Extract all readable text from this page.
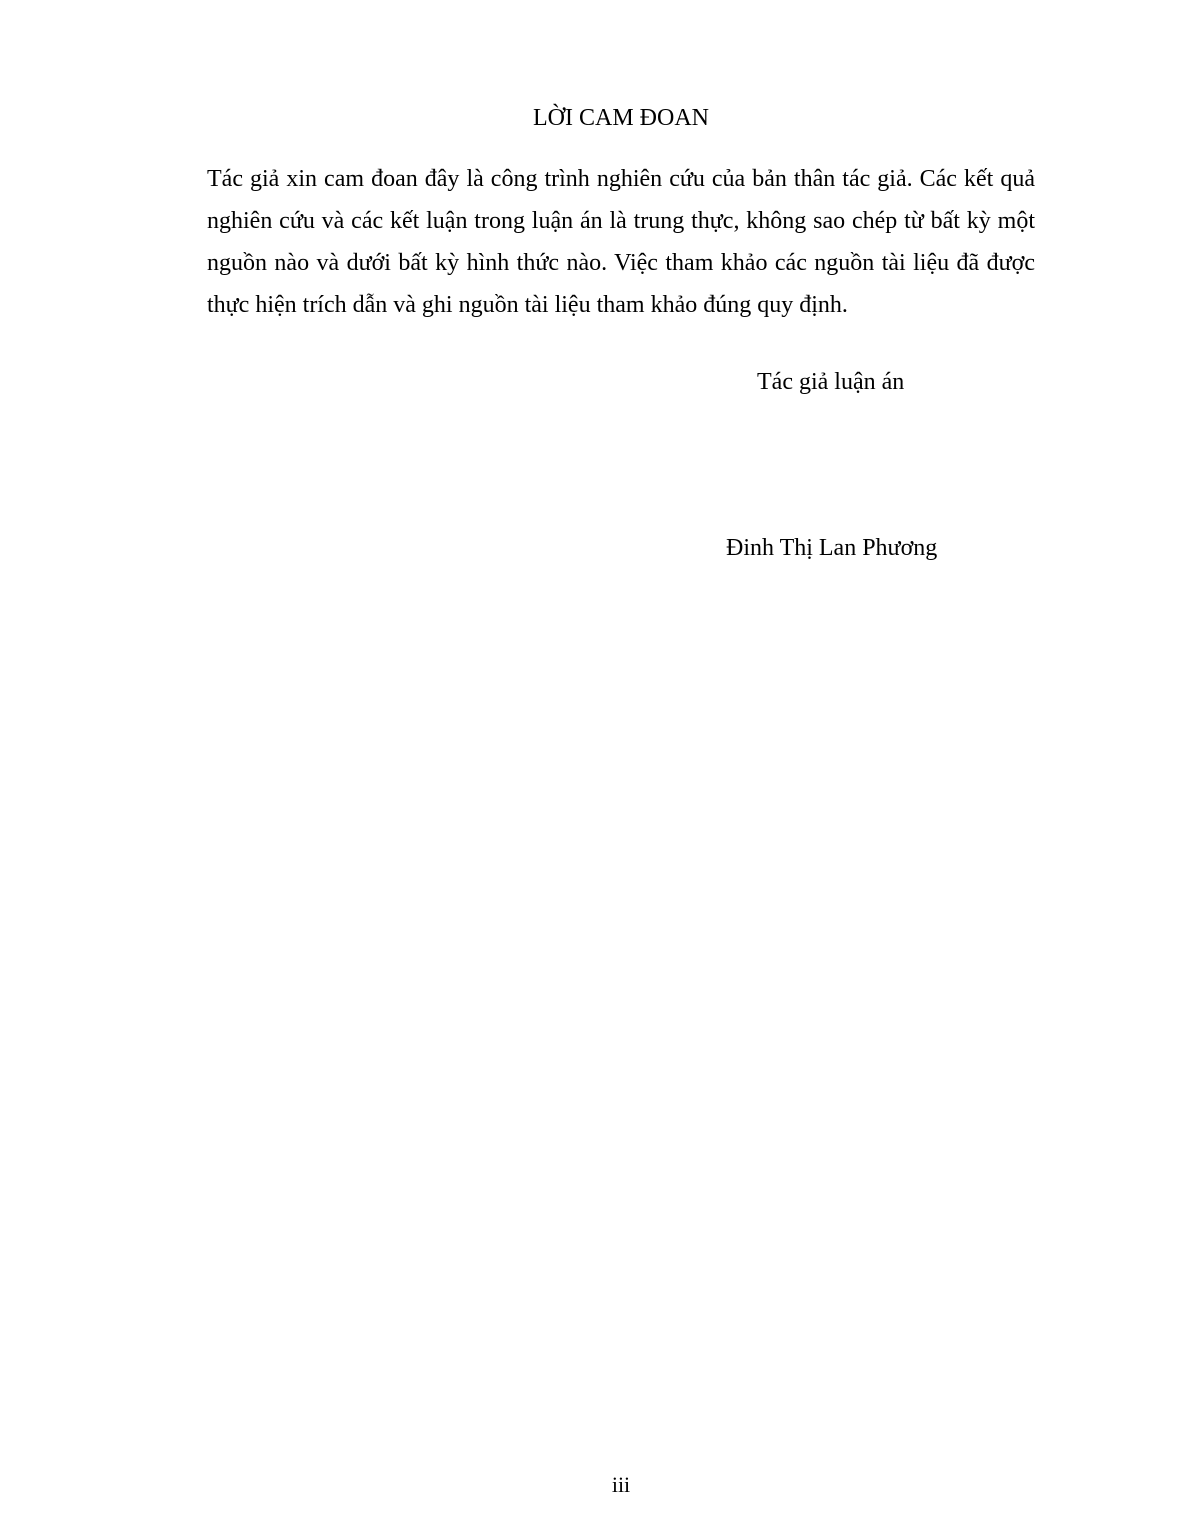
LỜI CAM ĐOAN

Tác giả xin cam đoan đây là công trình nghiên cứu của bản thân tác giả. Các kết quả nghiên cứu và các kết luận trong luận án là trung thực, không sao chép từ bất kỳ một nguồn nào và dưới bất kỳ hình thức nào. Việc tham khảo các nguồn tài liệu đã được thực hiện trích dẫn và ghi nguồn tài liệu tham khảo đúng quy định.

Tác giả luận án
Đinh Thị Lan Phương
iii
